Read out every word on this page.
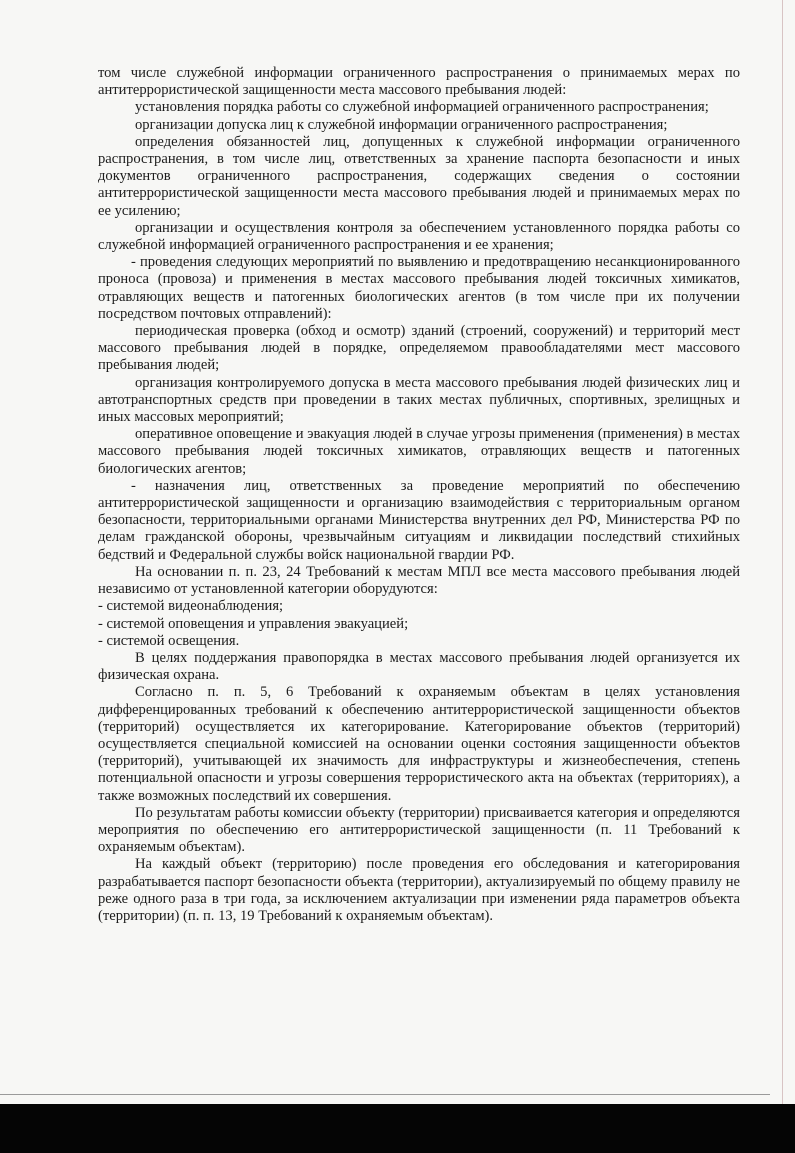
том числе служебной информации ограниченного распространения о принимаемых мерах по антитеррористической защищенности места массового пребывания людей:

установления порядка работы со служебной информацией ограниченного распространения;

организации допуска лиц к служебной информации ограниченного распространения;

определения обязанностей лиц, допущенных к служебной информации ограниченного распространения, в том числе лиц, ответственных за хранение паспорта безопасности и иных документов ограниченного распространения, содержащих сведения о состоянии антитеррористической защищенности места массового пребывания людей и принимаемых мерах по ее усилению;

организации и осуществления контроля за обеспечением установленного порядка работы со служебной информацией ограниченного распространения и ее хранения;

- проведения следующих мероприятий по выявлению и предотвращению несанкционированного проноса (провоза) и применения в местах массового пребывания людей токсичных химикатов, отравляющих веществ и патогенных биологических агентов (в том числе при их получении посредством почтовых отправлений):

периодическая проверка (обход и осмотр) зданий (строений, сооружений) и территорий мест массового пребывания людей в порядке, определяемом правообладателями мест массового пребывания людей;

организация контролируемого допуска в места массового пребывания людей физических лиц и автотранспортных средств при проведении в таких местах публичных, спортивных, зрелищных и иных массовых мероприятий;

оперативное оповещение и эвакуация людей в случае угрозы применения (применения) в местах массового пребывания людей токсичных химикатов, отравляющих веществ и патогенных биологических агентов;

- назначения лиц, ответственных за проведение мероприятий по обеспечению антитеррористической защищенности и организацию взаимодействия с территориальным органом безопасности, территориальными органами Министерства внутренних дел РФ, Министерства РФ по делам гражданской обороны, чрезвычайным ситуациям и ликвидации последствий стихийных бедствий и Федеральной службы войск национальной гвардии РФ.

На основании п. п. 23, 24 Требований к местам МПЛ все места массового пребывания людей независимо от установленной категории оборудуются:

- системой видеонаблюдения;

- системой оповещения и управления эвакуацией;

- системой освещения.

В целях поддержания правопорядка в местах массового пребывания людей организуется их физическая охрана.

Согласно п. п. 5, 6 Требований к охраняемым объектам в целях установления дифференцированных требований к обеспечению антитеррористической защищенности объектов (территорий) осуществляется их категорирование. Категорирование объектов (территорий) осуществляется специальной комиссией на основании оценки состояния защищенности объектов (территорий), учитывающей их значимость для инфраструктуры и жизнеобеспечения, степень потенциальной опасности и угрозы совершения террористического акта на объектах (территориях), а также возможных последствий их совершения.

По результатам работы комиссии объекту (территории) присваивается категория и определяются мероприятия по обеспечению его антитеррористической защищенности (п. 11 Требований к охраняемым объектам).

На каждый объект (территорию) после проведения его обследования и категорирования разрабатывается паспорт безопасности объекта (территории), актуализируемый по общему правилу не реже одного раза в три года, за исключением актуализации при изменении ряда параметров объекта (территории) (п. п. 13, 19 Требований к охраняемым объектам).
